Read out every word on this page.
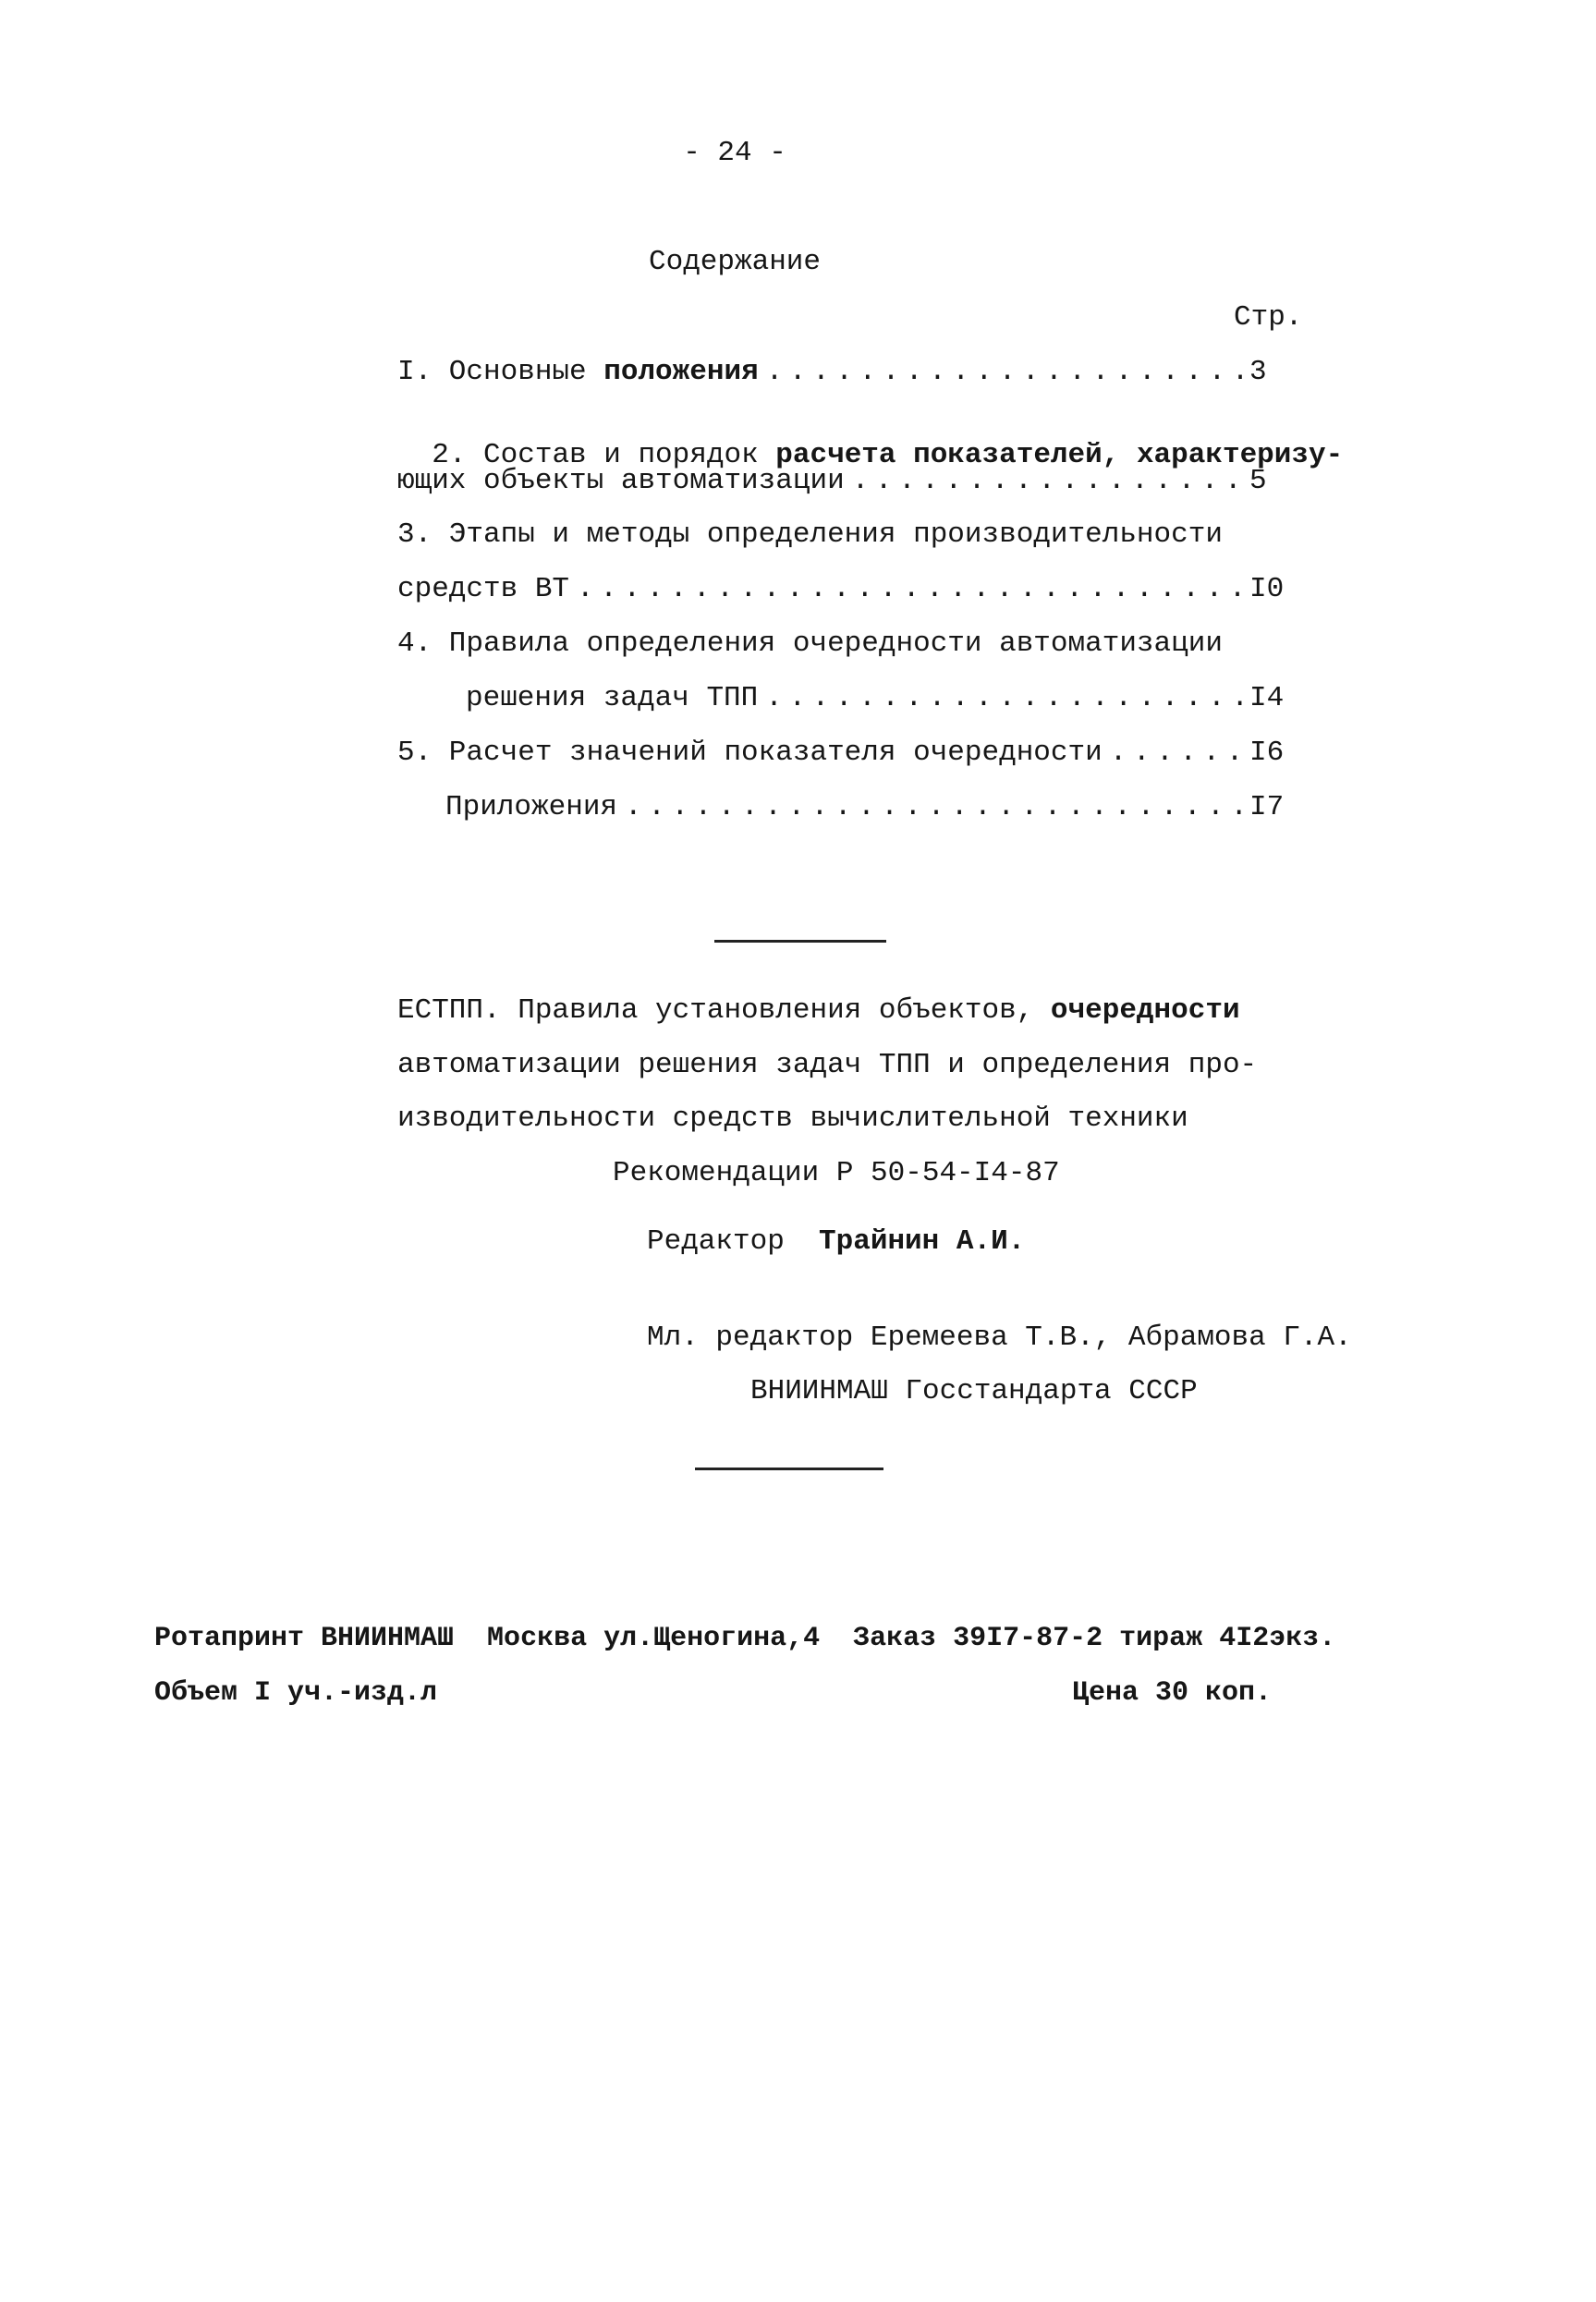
- 24 -
Содержание
Стр.
I. Основные положения . . .	3

2. Состав и порядок расчета показателей, характеризу-

ющих объекты автоматизации . . .	5
3. Этапы и методы определения производительности
средств ВТ . . .	I0
4. Правила определения очередности автоматизации
решения задач ТПП . . .	I4
5. Расчет значений показателя очередности . . .	I6
Приложения . . .	I7
ЕСТПП. Правила установления объектов, очередности
автоматизации решения задач ТПП и определения про-
изводительности средств вычислительной техники
Рекомендации Р 50-54-I4-87
Редактор Трайнин А.И.
Мл. редактор Еремеева Т.В., Абрамова Г.А.
ВНИИНМАШ Госстандарта СССР
Ротапринт ВНИИНМАШ  Москва ул.Щеногина,4  Заказ 39I7-87-2 тираж 4I2экз.
Объем I уч.-изд.л	Цена 30 коп.
